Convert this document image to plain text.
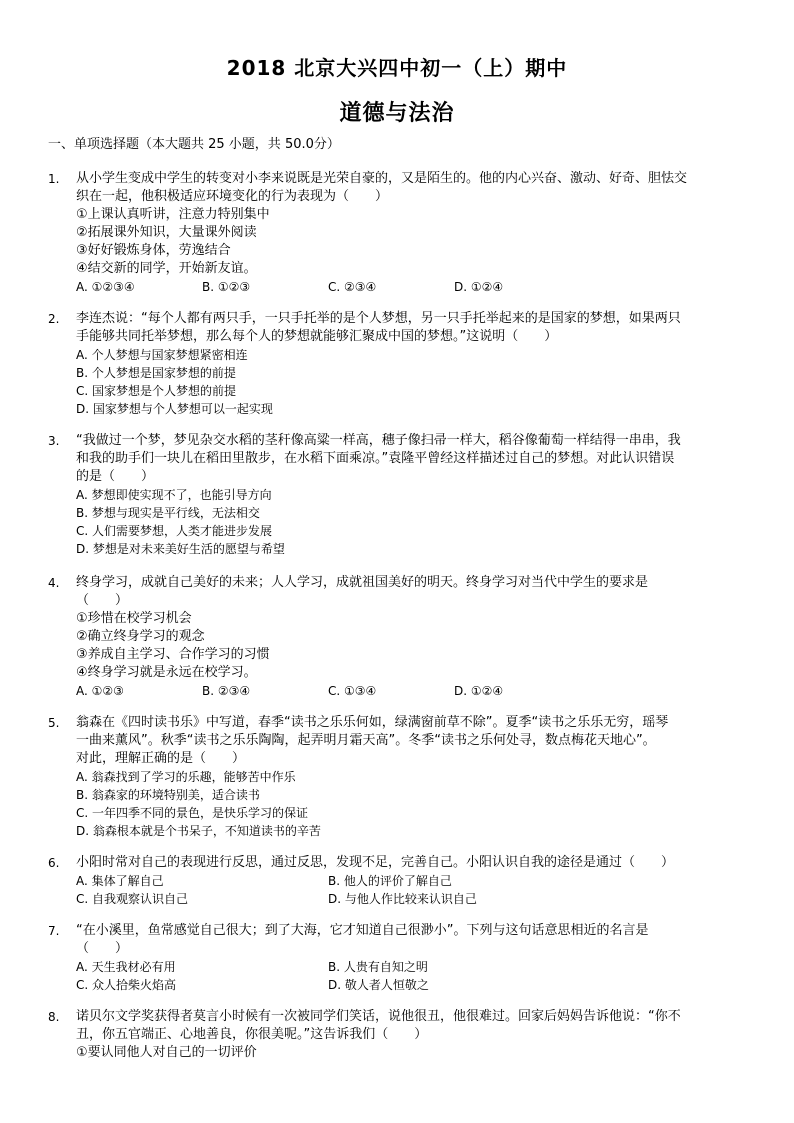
2018 北京大兴四中初一（上）期中
道德与法治
一、单项选择题（本大题共 25 小题，共 50.0分）
1. 从小学生变成中学生的转变对小李来说既是光荣自豪的，又是陌生的。他的内心兴奋、激动、好奇、胆怯交
织在一起，他积极适应环境变化的行为表现为（　　）
①上课认真听讲，注意力特别集中
②拓展课外知识，大量课外阅读
③好好锻炼身体，劳逸结合
④结交新的同学，开始新友谊。
A. ①②③④	B. ①②③	C. ②③④	D. ①②④
2. 李连杰说：“每个人都有两只手，一只手托举的是个人梦想，另一只手托举起来的是国家的梦想，如果两只
手能够共同托举梦想，那么每个人的梦想就能够汇聚成中国的梦想。”这说明（　　）
A. 个人梦想与国家梦想紧密相连
B. 个人梦想是国家梦想的前提
C. 国家梦想是个人梦想的前提
D. 国家梦想与个人梦想可以一起实现
3. “我做过一个梦，梦见杂交水稻的茎秆像高粱一样高，穗子像扫帚一样大，稻谷像葡萄一样结得一串串，我
和我的助手们一块儿在稻田里散步，在水稻下面乘凉。”袁隆平曾经这样描述过自己的梦想。对此认识错误
的是（　　）
A. 梦想即使实现不了，也能引导方向
B. 梦想与现实是平行线，无法相交
C. 人们需要梦想，人类才能进步发展
D. 梦想是对未来美好生活的愿望与希望
4. 终身学习，成就自己美好的未来；人人学习，成就祖国美好的明天。终身学习对当代中学生的要求是
（　　）
①珍惜在校学习机会
②确立终身学习的观念
③养成自主学习、合作学习的习惯
④终身学习就是永远在校学习。
A. ①②③	B. ②③④	C. ①③④	D. ①②④
5. 翁森在《四时读书乐》中写道，春季“读书之乐乐何如，绿满窗前草不除”。夏季“读书之乐乐无穷，瑶琴
一曲来薰风”。秋季“读书之乐乐陶陶，起弄明月霜天高”。冬季“读书之乐何处寻，数点梅花天地心”。
对此，理解正确的是（　　）
A. 翁森找到了学习的乐趣，能够苦中作乐
B. 翁森家的环境特别美，适合读书
C. 一年四季不同的景色，是快乐学习的保证
D. 翁森根本就是个书呆子，不知道读书的辛苦
6. 小阳时常对自己的表现进行反思，通过反思，发现不足，完善自己。小阳认识自我的途径是通过（　　）
A. 集体了解自己	B. 他人的评价了解自己
C. 自我观察认识自己	D. 与他人作比较来认识自己
7. “在小溪里，鱼常感觉自己很大；到了大海，它才知道自己很渺小”。下列与这句话意思相近的名言是
（　　）
A. 天生我材必有用	B. 人贵有自知之明
C. 众人拾柴火焰高	D. 敬人者人恒敬之
8. 诺贝尔文学奖获得者莫言小时候有一次被同学们笑话，说他很丑，他很难过。回家后妈妈告诉他说：“你不
丑，你五官端正、心地善良，你很美呢。”这告诉我们（　　）
①要认同他人对自己的一切评价
